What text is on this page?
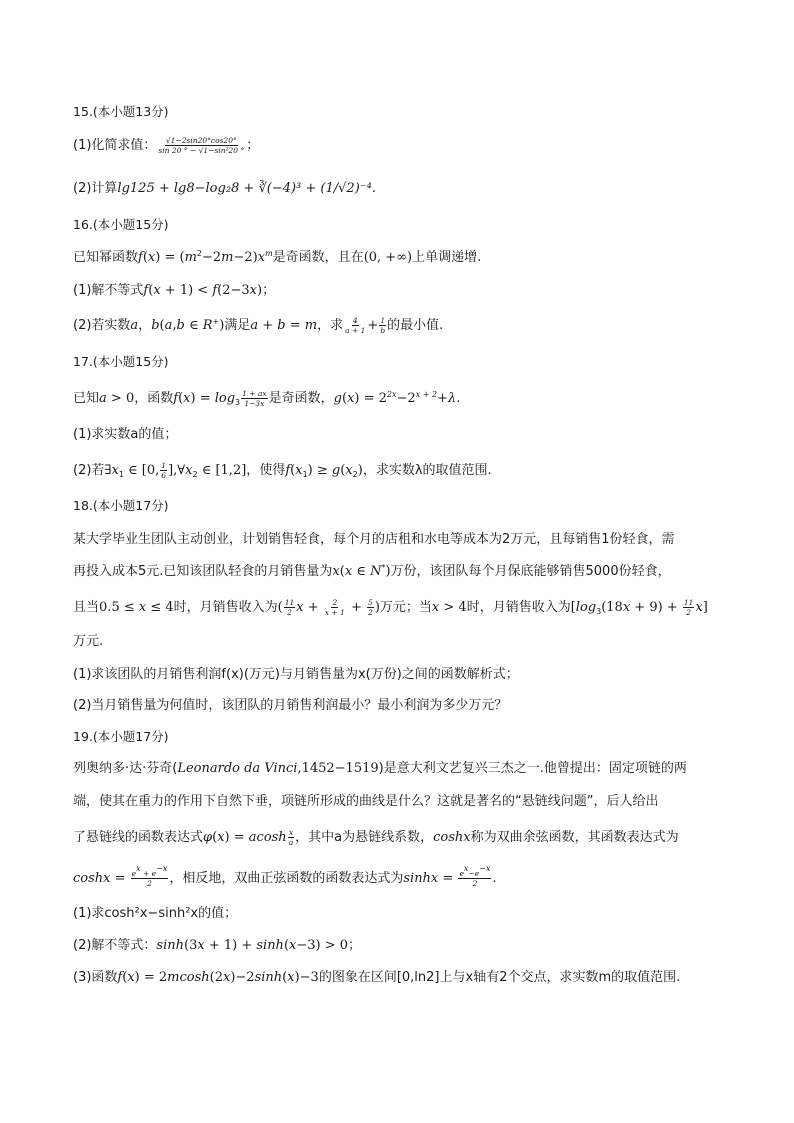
15.(本小题13分)
(1)化简求值： $\frac{√1-2\sin 20^\circ\cos 20^\circ}{\text{sin 20 ° − √1−sin²20 °}}$ ；
(2)计算lg125 + lg8−log₂8 + ∛(−4)³ + (1/√2)⁻⁴.
16.(本小题15分)
已知幂函数$f(x) = (m^2-2m-2)x^m$是奇函数，且在(0, +∞)上单调递增.
(1)解不等式f(x + 1) < f(2−3x)；
(2)若实数a，b(a,b ∈ R+)满足a + b = m，求 $\frac{4}{a + 1} + \frac{1}{b}$ 的最小值.
17.(本小题15分)
已知a > 0，函数$f(x) = \log_3 \frac{1 + ax}{1-3x}$ 是奇函数，$g(x) = 2^{2x}-2^{x + 2}+\lambda$.
(1)求实数a的值；
(2)若$\exists x_1$ ∈ [0, $\frac{1}{6}$ ]$,\forall x_2$ ∈ [1,2]，使得$f(x_1) \ge g(x_2)$，求实数λ的取值范围.
18.(本小题17分)
某大学毕业生团队主动创业，计划销售轻食，每个月的店租和水电等成本为2万元，且每销售1份轻食，需
再投入成本5元.已知该团队轻食的月销售量为x(x ∈ N*)万份，该团队每个月保底能够销售5000份轻食，
且当0.5 ≤ x ≤ 4时，月销售收入为( $\frac{11}{2}$ $x + \frac{2}{x + 1} + \frac{5}{2}$ )万元；当x > 4时，月销售收入为$[\log_3(18x + 9) + \frac{11}{2} x]$
万元.
(1)求该团队的月销售利润f(x)(万元)与月销售量为x(万份)之间的函数解析式；
(2)当月销售量为何值时，该团队的月销售利润最小？最小利润为多少万元？
19.(本小题17分)
列奥纳多·达·芬奇(Leonardo da Vinci,1452−1519)是意大利文艺复兴三杰之一.他曾提出：固定项链的两
端，使其在重力的作用下自然下垂，项链所形成的曲线是什么？这就是著名的“悬链线问题”，后人给出
了悬链线的函数表达式φ(x) = acosh $\frac{x}{a}$ ，其中a为悬链线系数，coshx称为双曲余弦函数，其函数表达式为
$\cosh x = \frac{e^x + e^{-x}}{2}$ ，相反地，双曲正弦函数的函数表达式为$\sinh x = \frac{e^x-e^{-x}}{2}$ .
(1)求cosh²x−sinh²x的值；
(2)解不等式：sinh(3x + 1) + sinh(x−3) > 0；
(3)函数f(x) = 2mcosh(2x)−2sinh(x)−3的图象在区间[0,ln2]上与x轴有2个交点，求实数m的取值范围.
